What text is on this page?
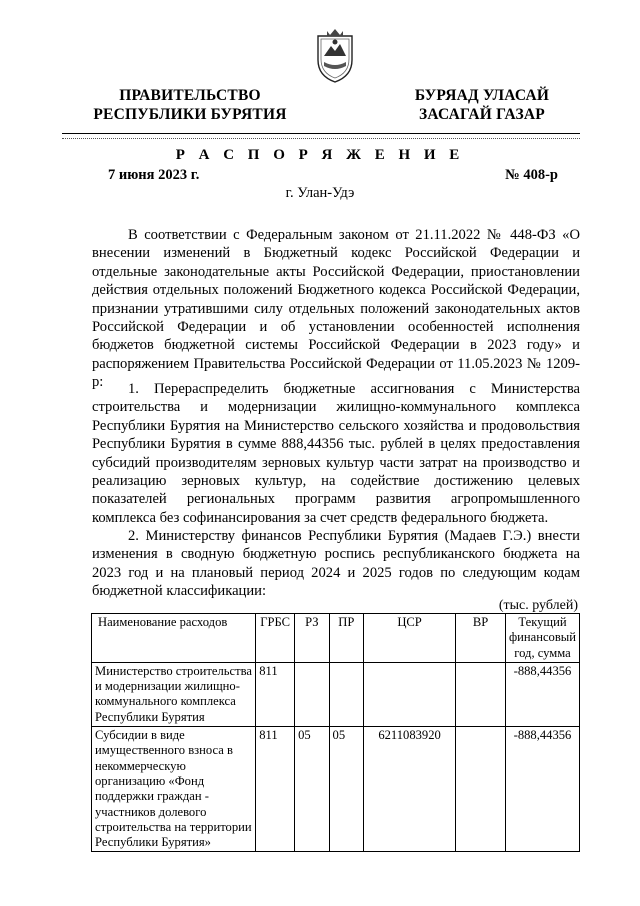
ПРАВИТЕЛЬСТВО
РЕСПУБЛИКИ БУРЯТИЯ
БУРЯАД УЛАСАЙ
ЗАСАГАЙ ГАЗАР
Р А С П О Р Я Ж Е Н И Е
7 июня 2023 г.	№ 408-р
г. Улан-Удэ

В соответствии с Федеральным законом от 21.11.2022 № 448-ФЗ «О внесении изменений в Бюджетный кодекс Российской Федерации и отдельные законодательные акты Российской Федерации, приостановлении действия отдельных положений Бюджетного кодекса Российской Федерации, признании утратившими силу отдельных положений законодательных актов Российской Федерации и об установлении особенностей исполнения бюджетов бюджетной системы Российской Федерации в 2023 году» и распоряжением Правительства Российской Федерации от 11.05.2023 № 1209-р:	1. Перераспределить бюджетные ассигнования с Министерства строительства и модернизации жилищно-коммунального комплекса Республики Бурятия на Министерство сельского хозяйства и продовольствия Республики Бурятия в сумме 888,44356 тыс. рублей в целях предоставления субсидий производителям зерновых культур части затрат на производство и реализацию зерновых культур, на содействие достижению целевых показателей региональных программ развития агропромышленного комплекса без софинансирования за счет средств федерального бюджета.

2. Министерству финансов Республики Бурятия (Мадаев Г.Э.) внести изменения в сводную бюджетную роспись республиканского бюджета на 2023 год и на плановый период 2024 и 2025 годов по следующим кодам бюджетной классификации:

(тыс. рублей)
Наименование расходов	ГРБС	РЗ	ПР	ЦСР	ВР	Текущий финансовый год, сумма
Министерство строительства и модернизации жилищно-коммунального комплекса Республики Бурятия	811					-888,44356
Субсидии в виде имущественного взноса в некоммерческую организацию «Фонд поддержки граждан - участников долевого строительства на территории Республики Бурятия»	811	05	05	6211083920		-888,44356
